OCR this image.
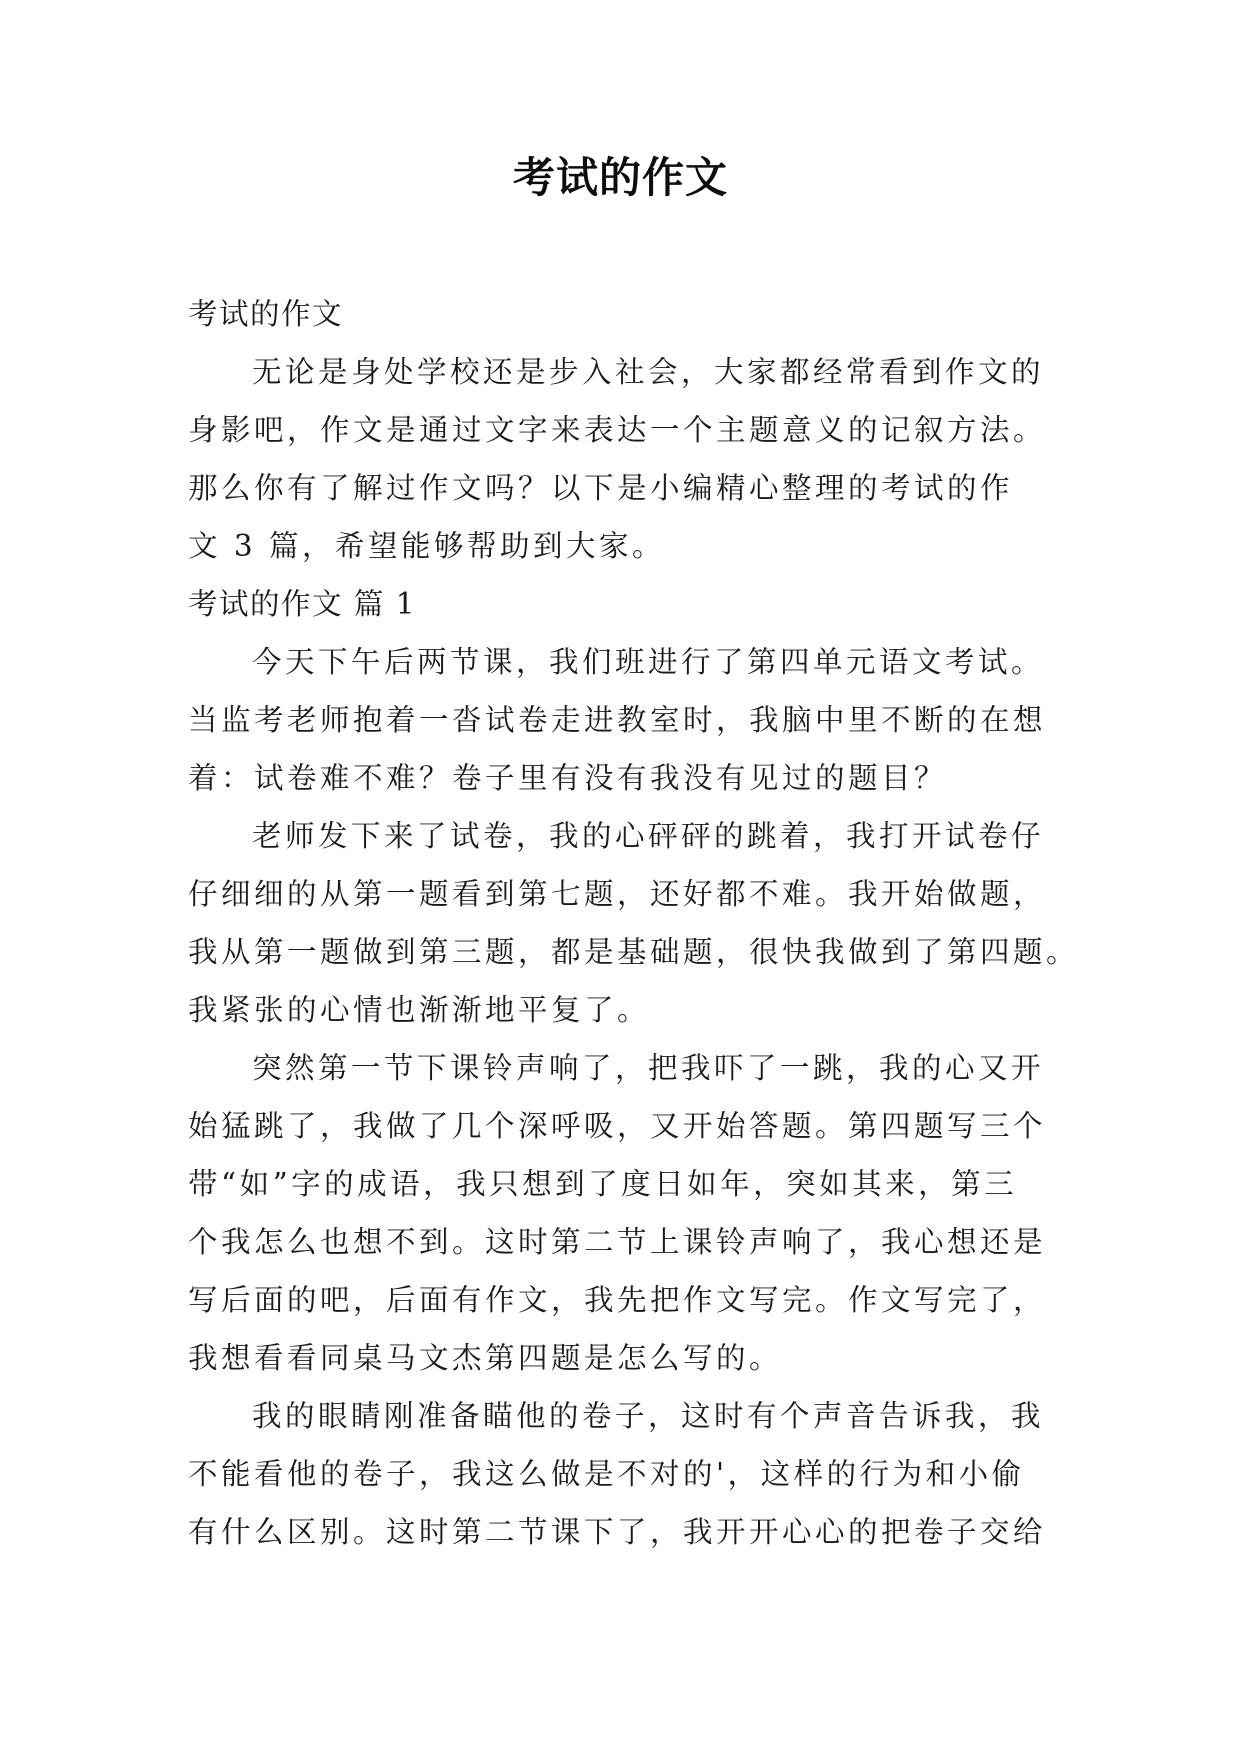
考试的作文
考试的作文
无论是身处学校还是步入社会，大家都经常看到作文的
身影吧，作文是通过文字来表达一个主题意义的记叙方法。
那么你有了解过作文吗？以下是小编精心整理的考试的作
文 3 篇，希望能够帮助到大家。
考试的作文 篇 1
今天下午后两节课，我们班进行了第四单元语文考试。
当监考老师抱着一沓试卷走进教室时，我脑中里不断的在想
着：试卷难不难？卷子里有没有我没有见过的题目？
老师发下来了试卷，我的心砰砰的跳着，我打开试卷仔
仔细细的从第一题看到第七题，还好都不难。我开始做题，
我从第一题做到第三题，都是基础题，很快我做到了第四题。
我紧张的心情也渐渐地平复了。
突然第一节下课铃声响了，把我吓了一跳，我的心又开
始猛跳了，我做了几个深呼吸，又开始答题。第四题写三个
带“如”字的成语，我只想到了度日如年，突如其来，第三
个我怎么也想不到。这时第二节上课铃声响了，我心想还是
写后面的吧，后面有作文，我先把作文写完。作文写完了，
我想看看同桌马文杰第四题是怎么写的。
我的眼睛刚准备瞄他的卷子，这时有个声音告诉我，我
不能看他的卷子，我这么做是不对的'，这样的行为和小偷
有什么区别。这时第二节课下了，我开开心心的把卷子交给
